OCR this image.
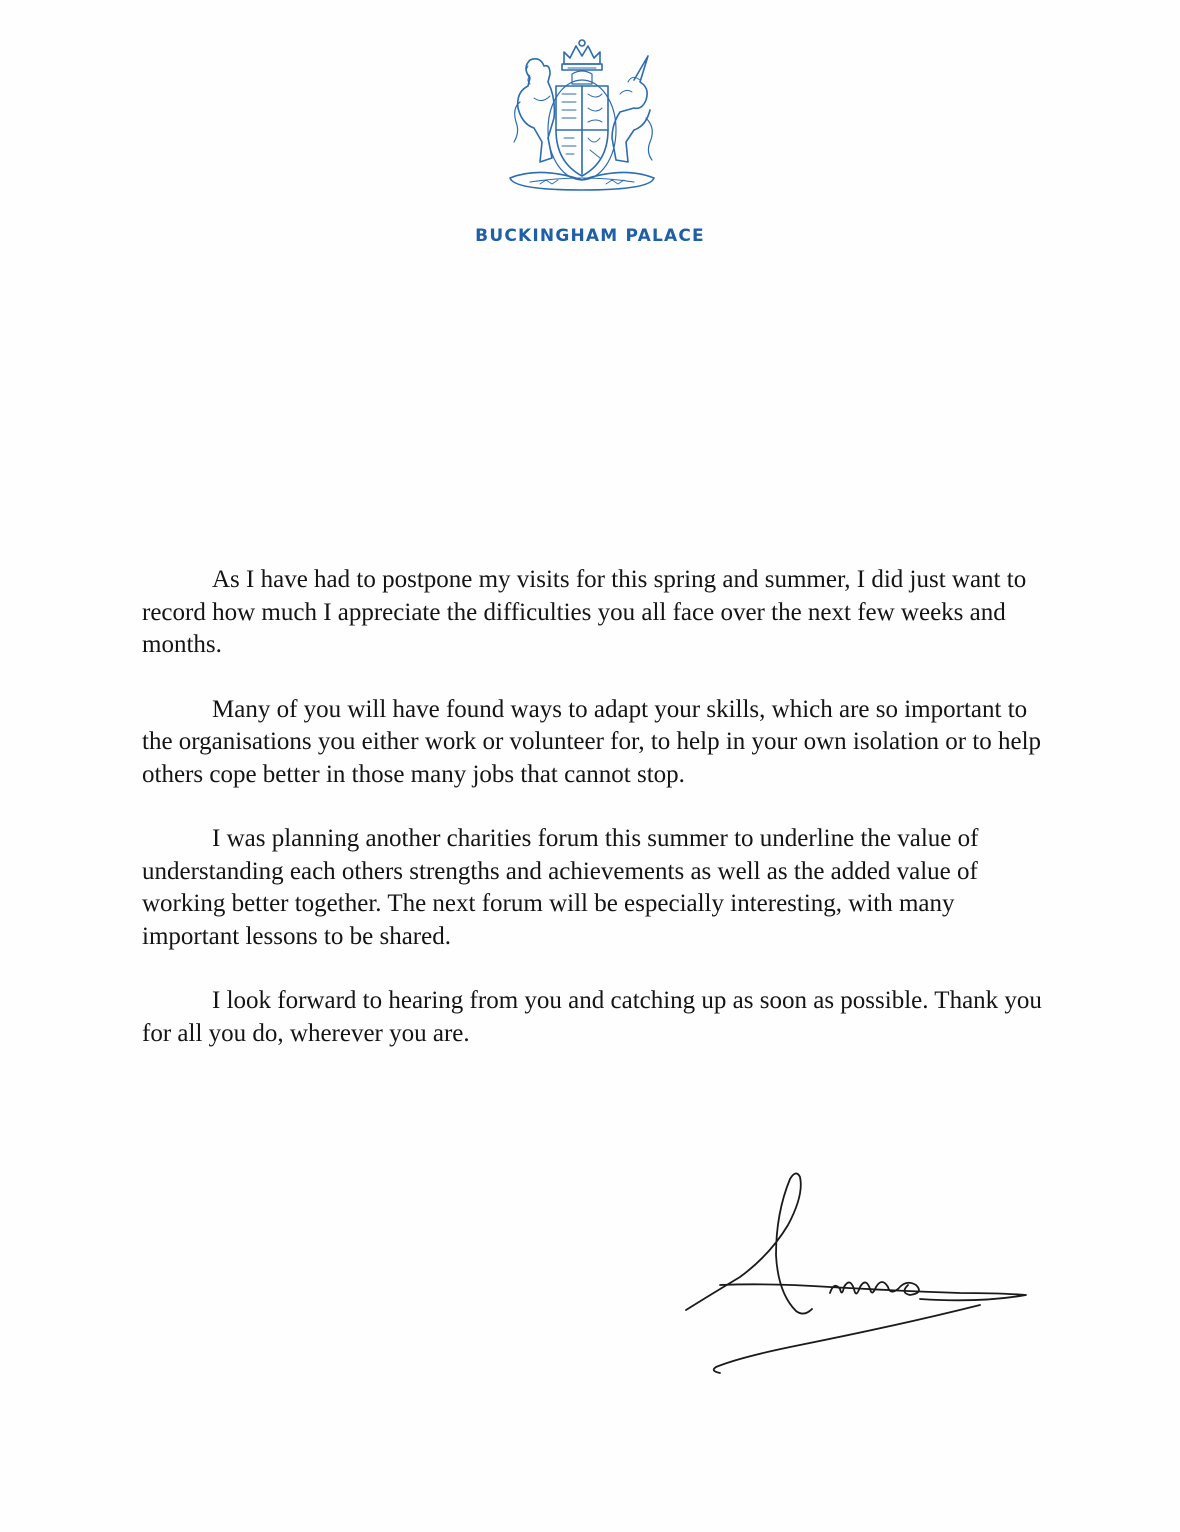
BUCKINGHAM PALACE

As I have had to postpone my visits for this spring and summer, I did just want to record how much I appreciate the difficulties you all face over the next few weeks and months.

Many of you will have found ways to adapt your skills, which are so important to the organisations you either work or volunteer for, to help in your own isolation or to help others cope better in those many jobs that cannot stop.

I was planning another charities forum this summer to underline the value of understanding each others strengths and achievements as well as the added value of working better together. The next forum will be especially interesting, with many important lessons to be shared.

I look forward to hearing from you and catching up as soon as possible. Thank you for all you do, wherever you are.
